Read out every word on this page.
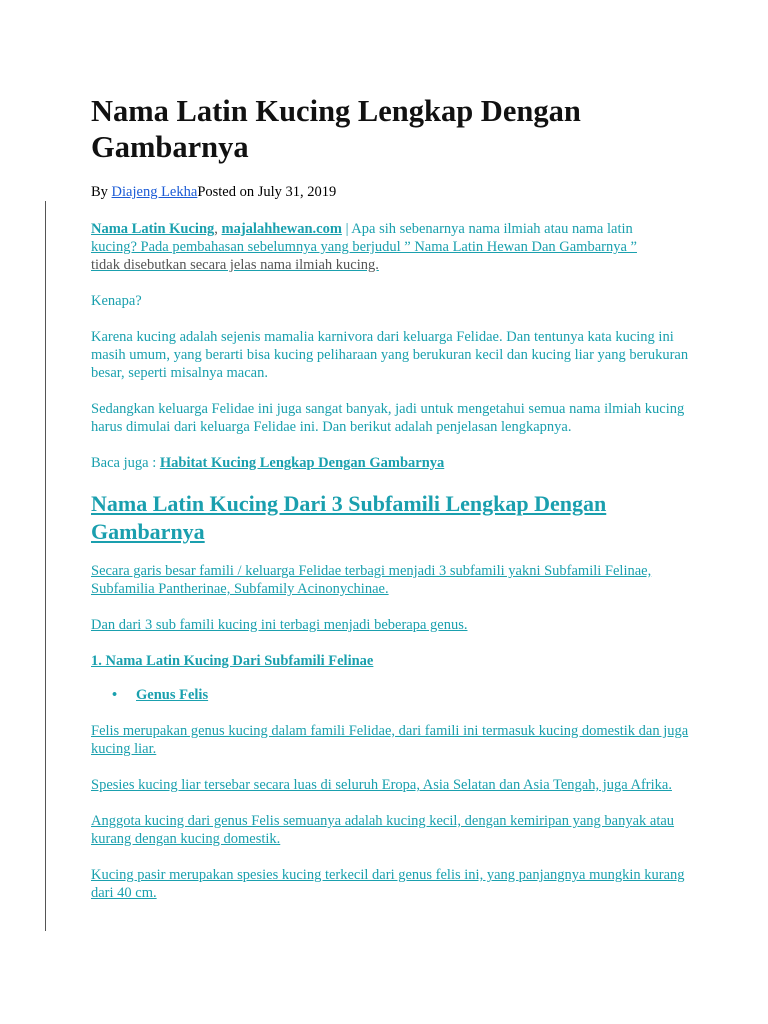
Nama Latin Kucing Lengkap Dengan Gambarnya
By Diajeng LekhaPosted on July 31, 2019

Nama Latin Kucing, majalahhewan.com | Apa sih sebenarnya nama ilmiah atau nama latin
kucing? Pada pembahasan sebelumnya yang berjudul ” Nama Latin Hewan Dan Gambarnya ”
tidak disebutkan secara jelas nama ilmiah kucing.

Kenapa?

Karena kucing adalah sejenis mamalia karnivora dari keluarga Felidae. Dan tentunya kata kucing ini masih umum, yang berarti bisa kucing peliharaan yang berukuran kecil dan kucing liar yang berukuran besar, seperti misalnya macan.

Sedangkan keluarga Felidae ini juga sangat banyak, jadi untuk mengetahui semua nama ilmiah kucing harus dimulai dari keluarga Felidae ini. Dan berikut adalah penjelasan lengkapnya.

Baca juga : Habitat Kucing Lengkap Dengan Gambarnya

Nama Latin Kucing Dari 3 Subfamili Lengkap Dengan Gambarnya

Secara garis besar famili / keluarga Felidae terbagi menjadi 3 subfamili yakni Subfamili Felinae, Subfamilia Pantherinae, Subfamily Acinonychinae.

Dan dari 3 sub famili kucing ini terbagi menjadi beberapa genus.

1. Nama Latin Kucing Dari Subfamili Felinae
• Genus Felis

Felis merupakan genus kucing dalam famili Felidae, dari famili ini termasuk kucing domestik dan juga kucing liar.

Spesies kucing liar tersebar secara luas di seluruh Eropa, Asia Selatan dan Asia Tengah, juga Afrika.

Anggota kucing dari genus Felis semuanya adalah kucing kecil, dengan kemiripan yang banyak atau kurang dengan kucing domestik.

Kucing pasir merupakan spesies kucing terkecil dari genus felis ini, yang panjangnya mungkin kurang dari 40 cm.
